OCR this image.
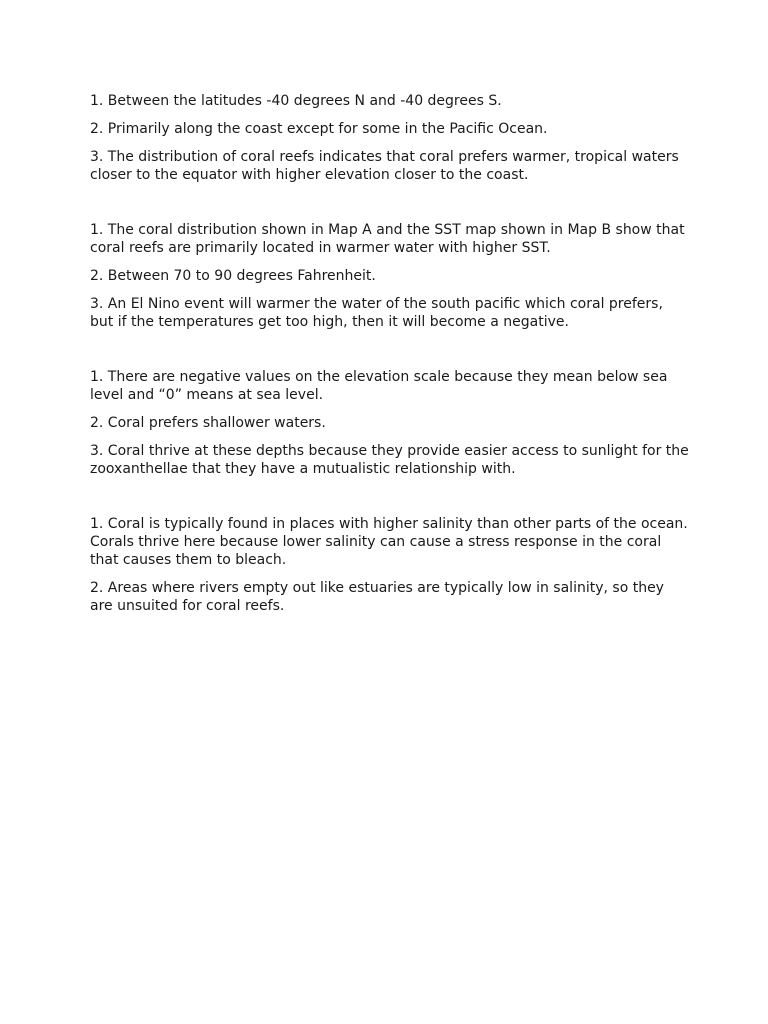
1. Between the latitudes -40 degrees N and -40 degrees S.

2. Primarily along the coast except for some in the Pacific Ocean.

3. The distribution of coral reefs indicates that coral prefers warmer, tropical waters closer to the equator with higher elevation closer to the coast.

1. The coral distribution shown in Map A and the SST map shown in Map B show that coral reefs are primarily located in warmer water with higher SST.

2. Between 70 to 90 degrees Fahrenheit.

3. An El Nino event will warmer the water of the south pacific which coral prefers, but if the temperatures get too high, then it will become a negative.

1. There are negative values on the elevation scale because they mean below sea level and “0” means at sea level.

2. Coral prefers shallower waters.

3. Coral thrive at these depths because they provide easier access to sunlight for the zooxanthellae that they have a mutualistic relationship with.

1. Coral is typically found in places with higher salinity than other parts of the ocean. Corals thrive here because lower salinity can cause a stress response in the coral that causes them to bleach.

2. Areas where rivers empty out like estuaries are typically low in salinity, so they are unsuited for coral reefs.
